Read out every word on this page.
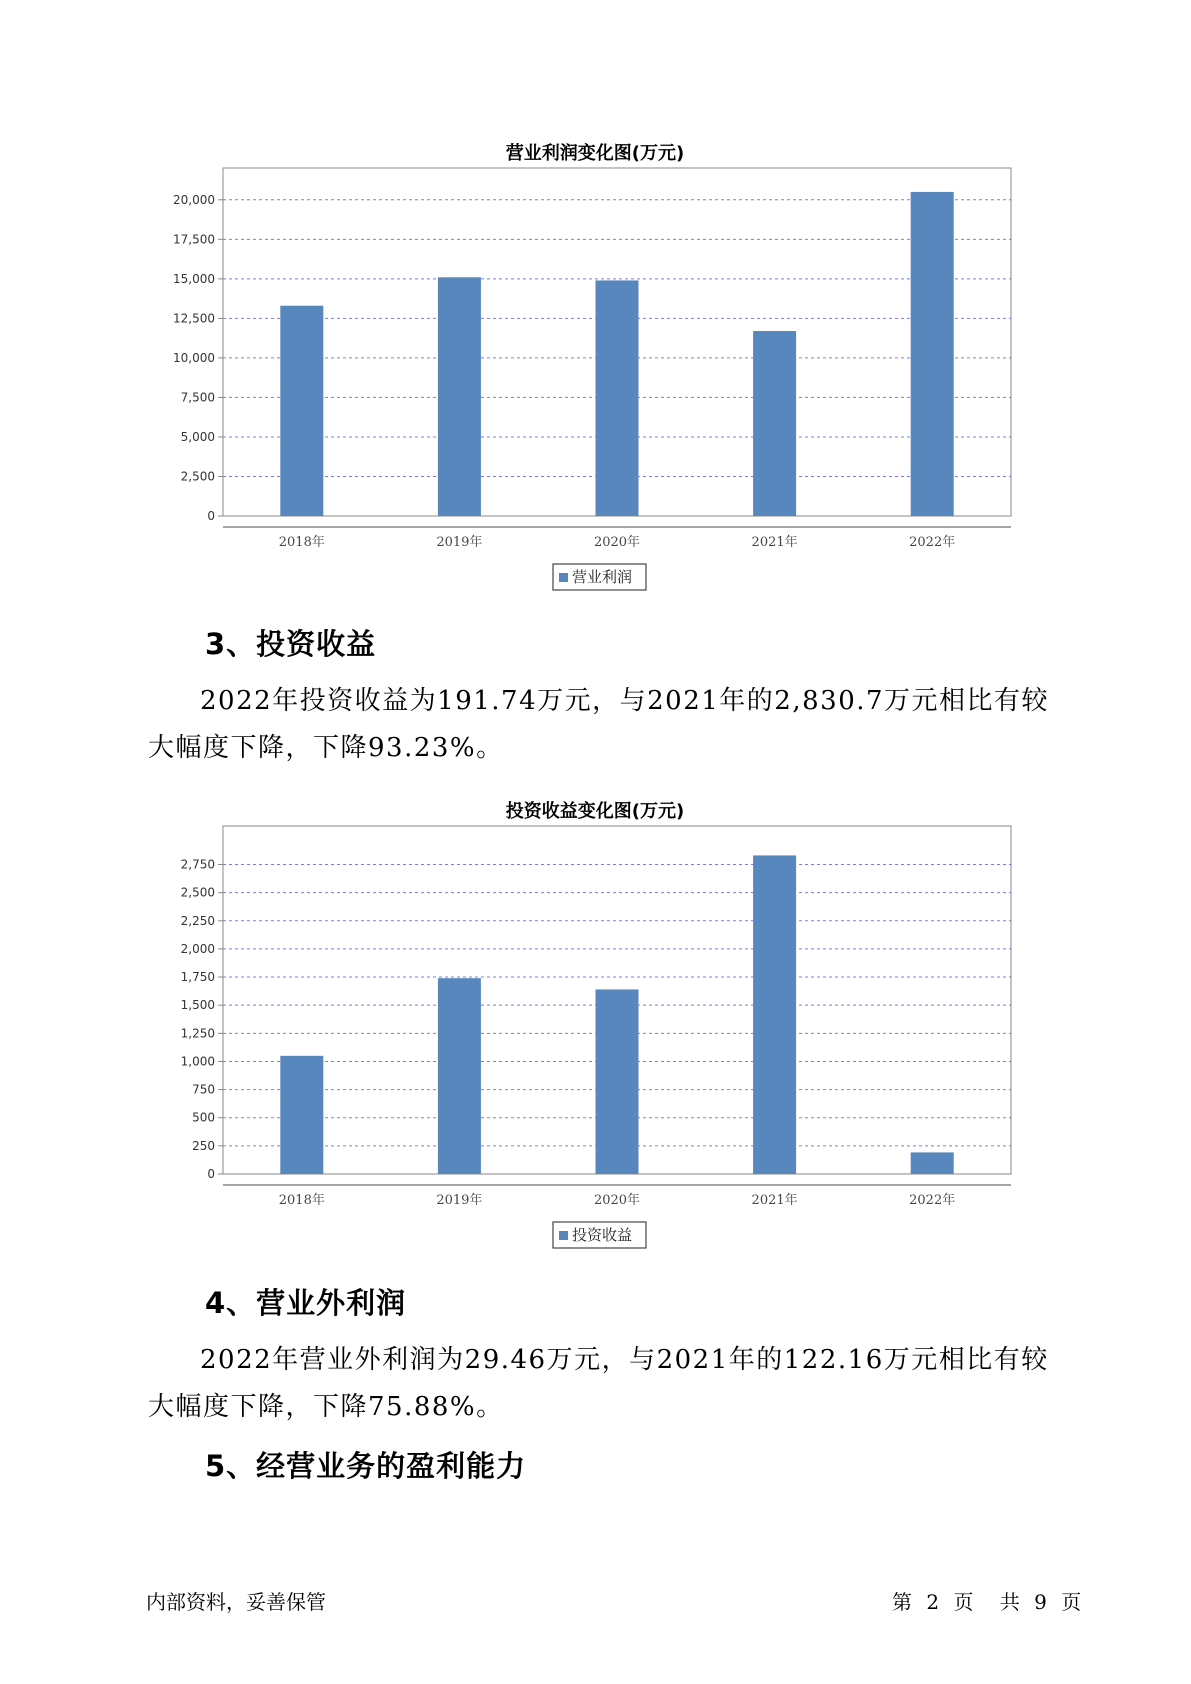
营业利润变化图(万元)
0
2,500
5,000
7,500
10,000
12,500
15,000
17,500
20,000
2018年	2019年	2020年	2021年	2022年
营业利润
3、投资收益

2022年投资收益为191.74万元，与2021年的2,830.7万元相比有较大幅度下降，下降93.23%。

投资收益变化图(万元)
0
250
500
750
1,000
1,250
1,500
1,750
2,000
2,250
2,500
2,750
2018年	2019年	2020年	2021年	2022年
投资收益
4、营业外利润

2022年营业外利润为29.46万元，与2021年的122.16万元相比有较大幅度下降，下降75.88%。

5、经营业务的盈利能力
内部资料，妥善保管	第 2 页 共 9 页
